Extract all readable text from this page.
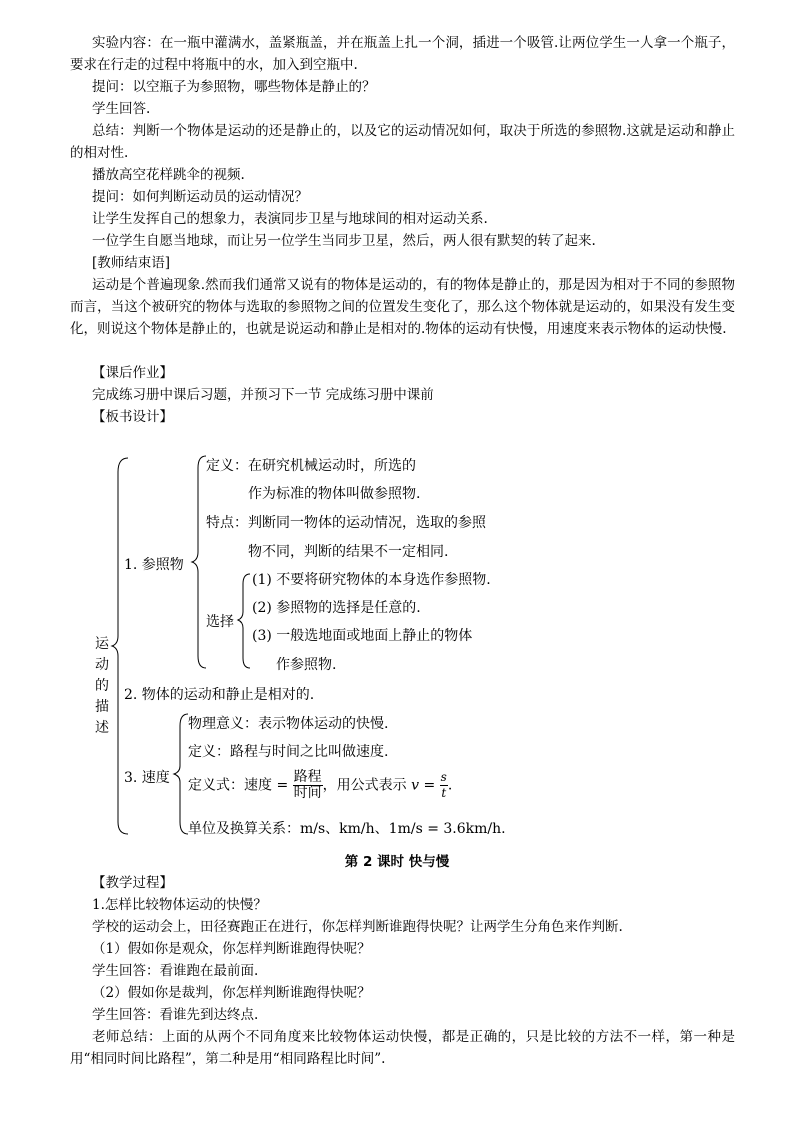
实验内容：在一瓶中灌满水，盖紧瓶盖，并在瓶盖上扎一个洞，插进一个吸管.让两位学生一人拿一个瓶子，要求在行走的过程中将瓶中的水，加入到空瓶中.
提问：以空瓶子为参照物，哪些物体是静止的？
学生回答.
总结：判断一个物体是运动的还是静止的，以及它的运动情况如何，取决于所选的参照物.这就是运动和静止的相对性.
播放高空花样跳伞的视频.
提问：如何判断运动员的运动情况？
让学生发挥自己的想象力，表演同步卫星与地球间的相对运动关系.
一位学生自愿当地球，而让另一位学生当同步卫星，然后，两人很有默契的转了起来.
[教师结束语]
运动是个普遍现象.然而我们通常又说有的物体是运动的，有的物体是静止的，那是因为相对于不同的参照物而言，当这个被研究的物体与选取的参照物之间的位置发生变化了，那么这个物体就是运动的，如果没有发生变化，则说这个物体是静止的，也就是说运动和静止是相对的.物体的运动有快慢，用速度来表示物体的运动快慢.
【课后作业】
完成练习册中课后习题，并预习下一节 完成练习册中课前
【板书设计】
运动的描述
定义：在研究机械运动时，所选的
作为标准的物体叫做参照物.
特点：判断同一物体的运动情况，选取的参照
物不同，判断的结果不一定相同.
1. 参照物
(1) 不要将研究物体的本身选作参照物.
(2) 参照物的选择是任意的.
选择
(3) 一般选地面或地面上静止的物体
作参照物.
2. 物体的运动和静止是相对的.
物理意义：表示物体运动的快慢.
定义：路程与时间之比叫做速度.
3. 速度 定义式：速度 = $\frac{\text{路程}}{\text{时间}}$ ，用公式表示 $v = \frac{s}{t}$ .
单位及换算关系：m/s、km/h、1m/s = 3.6km/h.
第 2 课时 快与慢
【教学过程】
1.怎样比较物体运动的快慢？
学校的运动会上，田径赛跑正在进行，你怎样判断谁跑得快呢？让两学生分角色来作判断.
（1）假如你是观众，你怎样判断谁跑得快呢？
学生回答：看谁跑在最前面.
（2）假如你是裁判，你怎样判断谁跑得快呢？
学生回答：看谁先到达终点.
老师总结：上面的从两个不同角度来比较物体运动快慢，都是正确的，只是比较的方法不一样，第一种是用“相同时间比路程”，第二种是用“相同路程比时间”.
